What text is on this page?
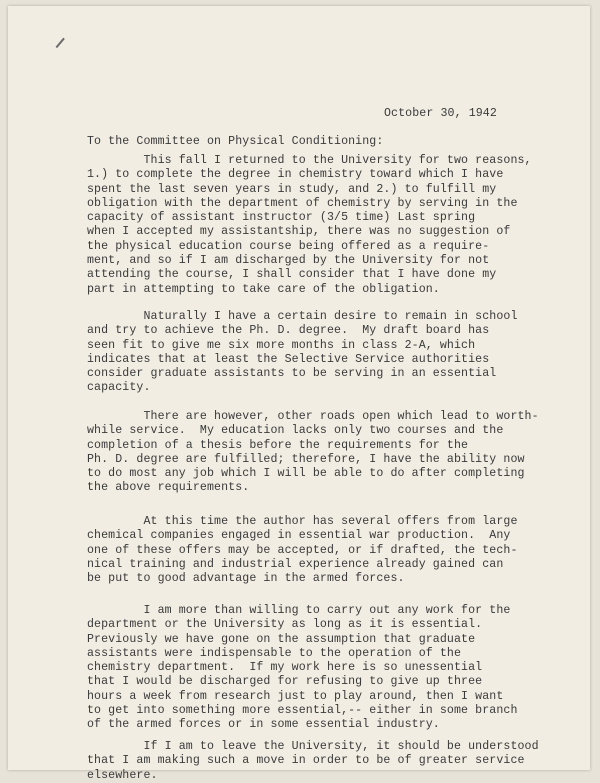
October 30, 1942
To the Committee on Physical Conditioning:
This fall I returned to the University for two reasons,
1.) to complete the degree in chemistry toward which I have
spent the last seven years in study, and 2.) to fulfill my
obligation with the department of chemistry by serving in the
capacity of assistant instructor (3/5 time) Last spring
when I accepted my assistantship, there was no suggestion of
the physical education course being offered as a require-
ment, and so if I am discharged by the University for not
attending the course, I shall consider that I have done my
part in attempting to take care of the obligation.
Naturally I have a certain desire to remain in school
and try to achieve the Ph. D. degree.  My draft board has
seen fit to give me six more months in class 2-A, which
indicates that at least the Selective Service authorities
consider graduate assistants to be serving in an essential
capacity.
There are however, other roads open which lead to worth-
while service.  My education lacks only two courses and the
completion of a thesis before the requirements for the
Ph. D. degree are fulfilled; therefore, I have the ability now
to do most any job which I will be able to do after completing
the above requirements.
At this time the author has several offers from large
chemical companies engaged in essential war production.  Any
one of these offers may be accepted, or if drafted, the tech-
nical training and industrial experience already gained can
be put to good advantage in the armed forces.
I am more than willing to carry out any work for the
department or the University as long as it is essential.
Previously we have gone on the assumption that graduate
assistants were indispensable to the operation of the
chemistry department.  If my work here is so unessential
that I would be discharged for refusing to give up three
hours a week from research just to play around, then I want
to get into something more essential,-- either in some branch
of the armed forces or in some essential industry.
If I am to leave the University, it should be understood
that I am making such a move in order to be of greater service
elsewhere.
